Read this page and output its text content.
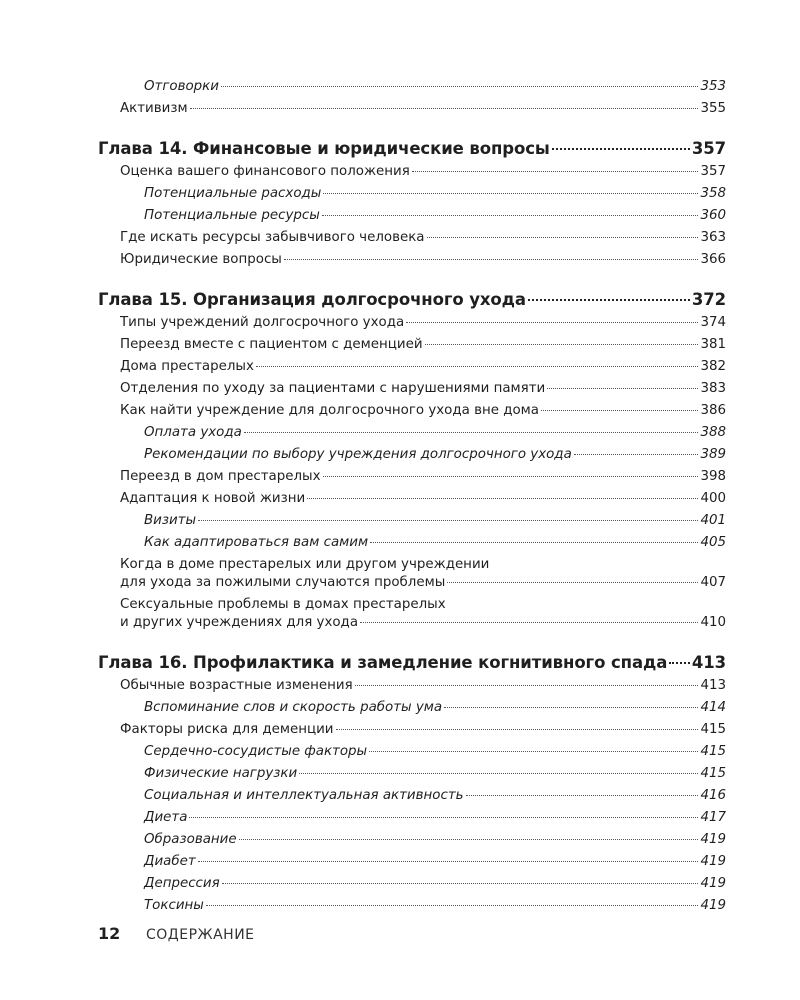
Отговорки	353
Активизм	355
Глава 14. Финансовые и юридические вопросы	357
Оценка вашего финансового положения	357
Потенциальные расходы	358
Потенциальные ресурсы	360
Где искать ресурсы забывчивого человека	363
Юридические вопросы	366
Глава 15. Организация долгосрочного ухода	372
Типы учреждений долгосрочного ухода	374
Переезд вместе с пациентом с деменцией	381
Дома престарелых	382
Отделения по уходу за пациентами с нарушениями памяти	383
Как найти учреждение для долгосрочного ухода вне дома	386
Оплата ухода	388
Рекомендации по выбору учреждения долгосрочного ухода	389
Переезд в дом престарелых	398
Адаптация к новой жизни	400
Визиты	401
Как адаптироваться вам самим	405
Когда в доме престарелых или другом учреждении
для ухода за пожилыми случаются проблемы	407
Сексуальные проблемы в домах престарелых
и других учреждениях для ухода	410
Глава 16. Профилактика и замедление когнитивного спада 413
Обычные возрастные изменения	413
Вспоминание слов и скорость работы ума	414
Факторы риска для деменции	415
Сердечно-сосудистые факторы	415
Физические нагрузки	415
Социальная и интеллектуальная активность	416
Диета	417
Образование	419
Диабет	419
Депрессия	419
Токсины	419
12	СОДЕРЖАНИЕ
